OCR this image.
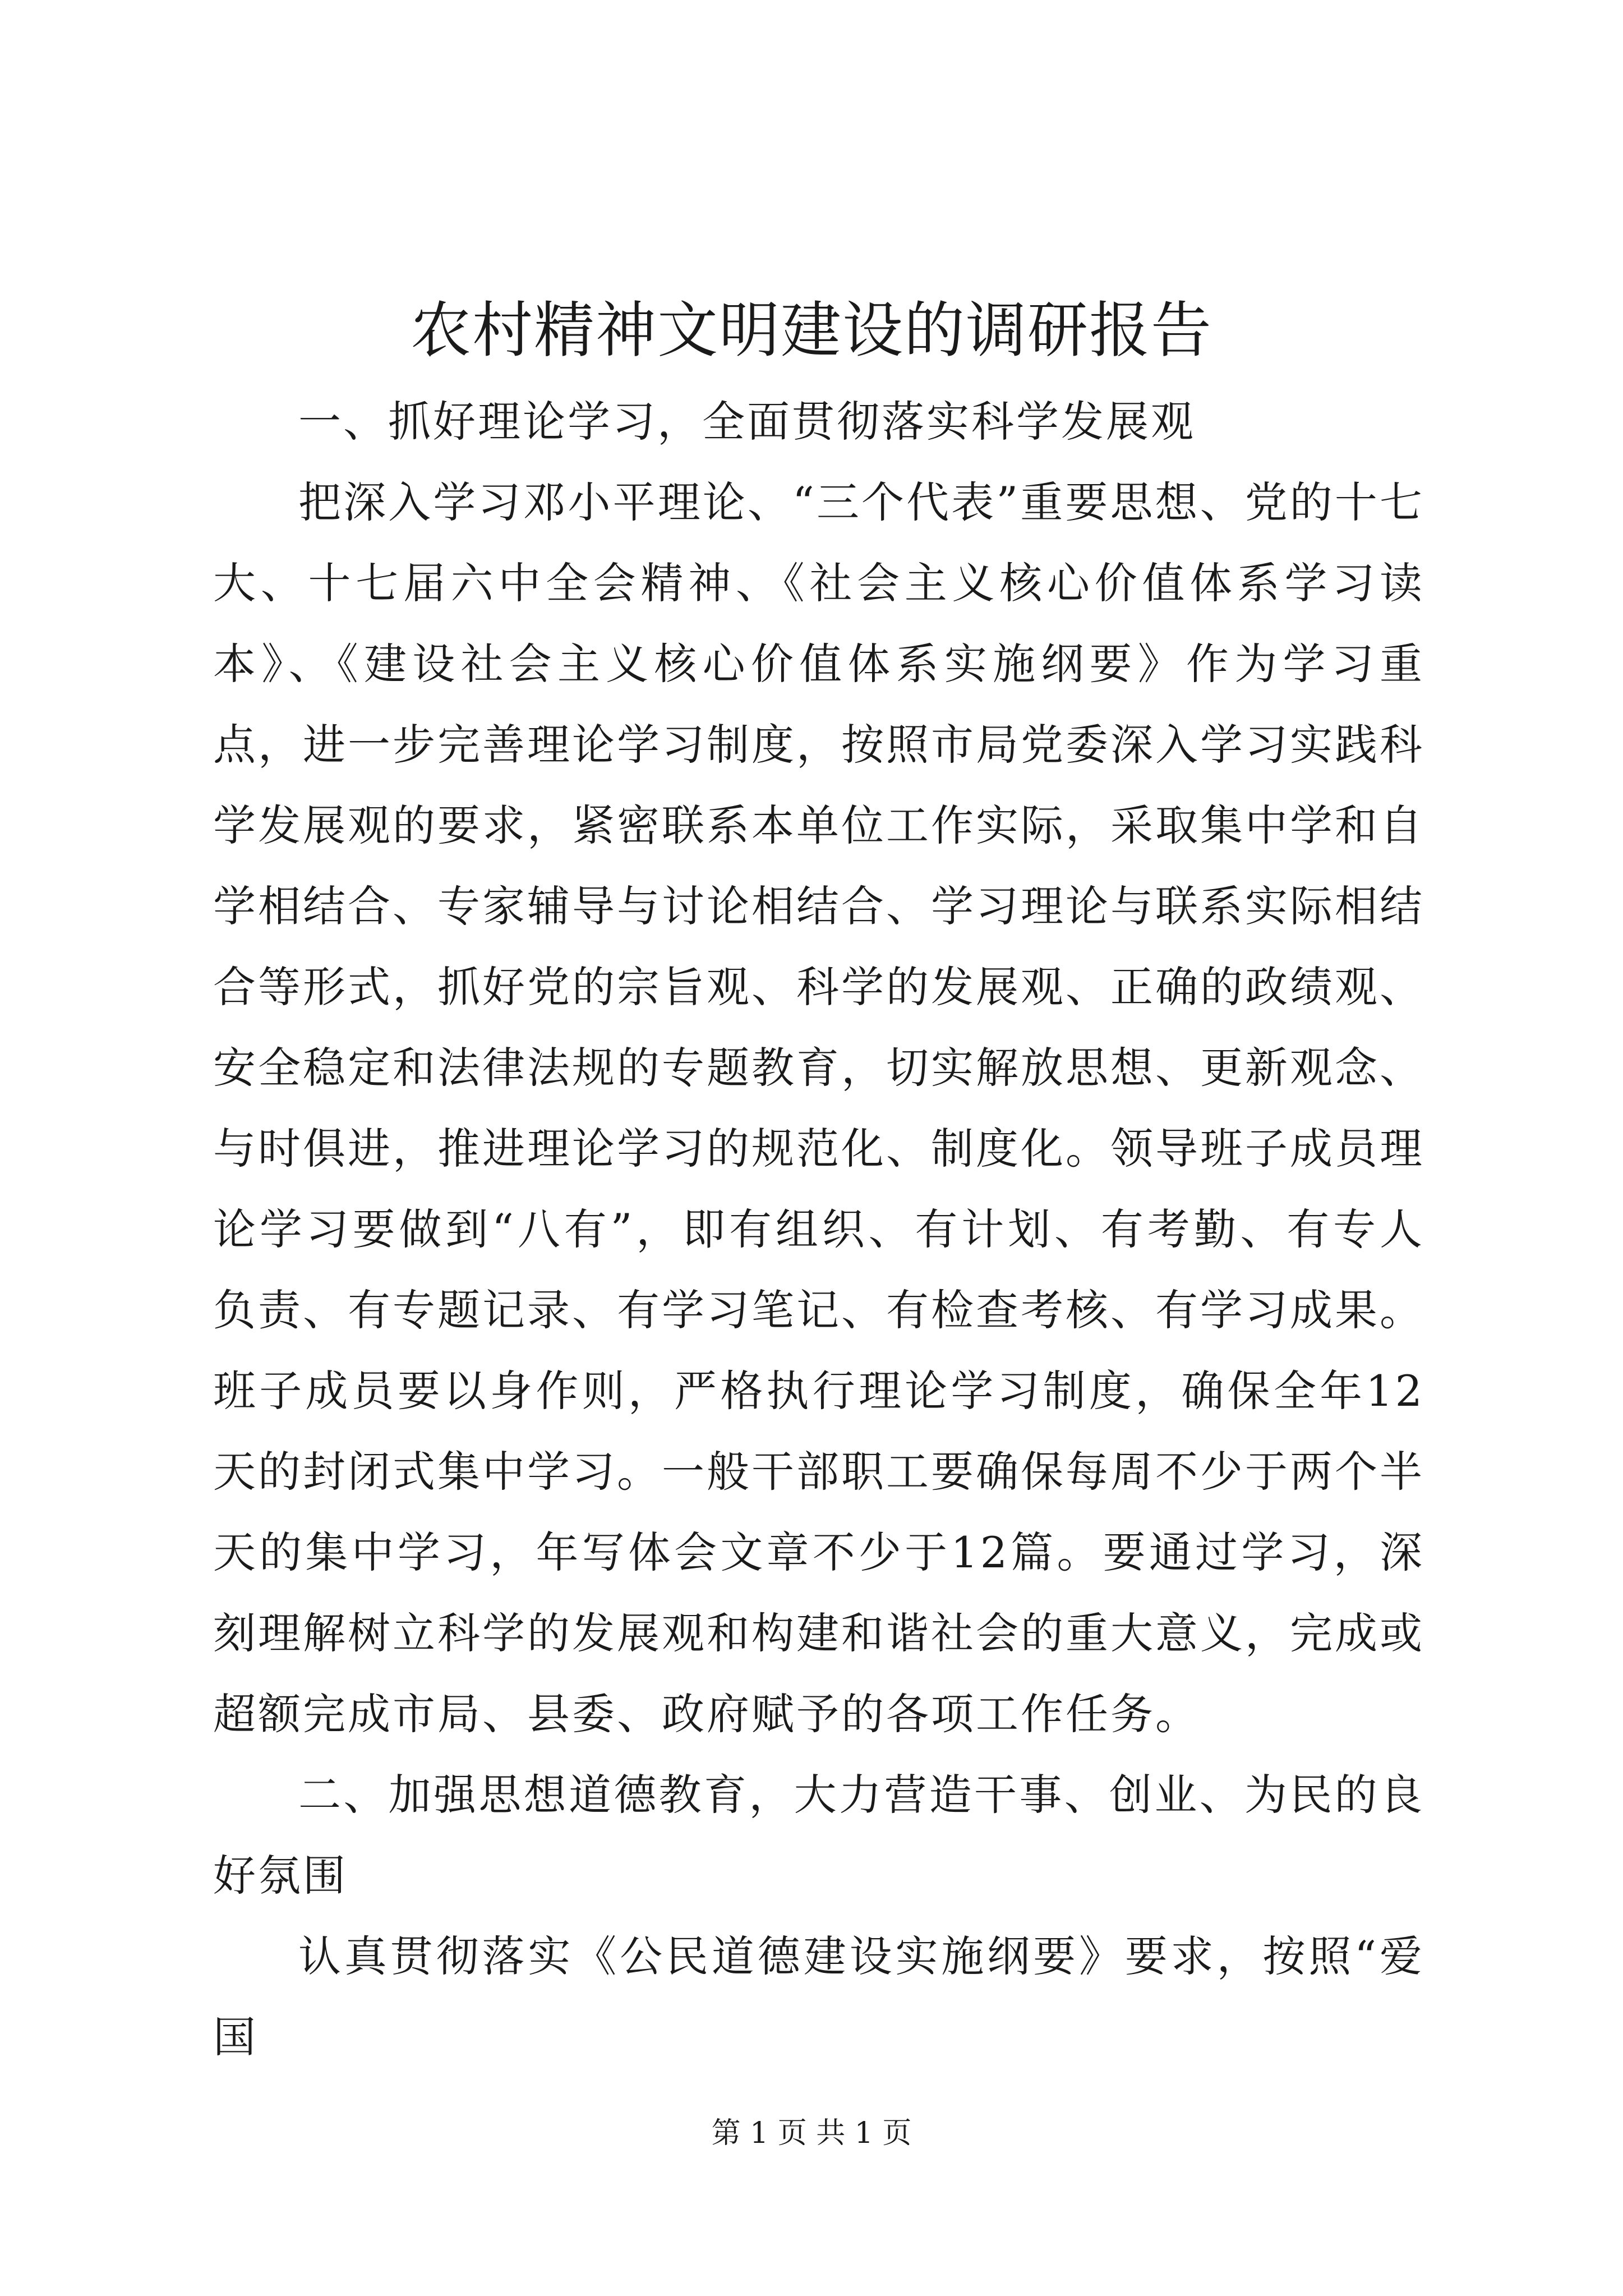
农村精神文明建设的调研报告

一、抓好理论学习，全面贯彻落实科学发展观

把深入学习邓小平理论、“三个代表”重要思想、党的十七大、十七届六中全会精神、《社会主义核心价值体系学习读本》、《建设社会主义核心价值体系实施纲要》作为学习重点，进一步完善理论学习制度，按照市局党委深入学习实践科学发展观的要求，紧密联系本单位工作实际，采取集中学和自学相结合、专家辅导与讨论相结合、学习理论与联系实际相结合等形式，抓好党的宗旨观、科学的发展观、正确的政绩观、安全稳定和法律法规的专题教育，切实解放思想、更新观念、与时俱进，推进理论学习的规范化、制度化。领导班子成员理论学习要做到“八有”，即有组织、有计划、有考勤、有专人负责、有专题记录、有学习笔记、有检查考核、有学习成果。班子成员要以身作则，严格执行理论学习制度，确保全年12天的封闭式集中学习。一般干部职工要确保每周不少于两个半天的集中学习，年写体会文章不少于12篇。要通过学习，深刻理解树立科学的发展观和构建和谐社会的重大意义，完成或超额完成市局、县委、政府赋予的各项工作任务。

二、加强思想道德教育，大力营造干事、创业、为民的良好氛围

认真贯彻落实《公民道德建设实施纲要》要求，按照“爱国

第 1 页 共 1 页
